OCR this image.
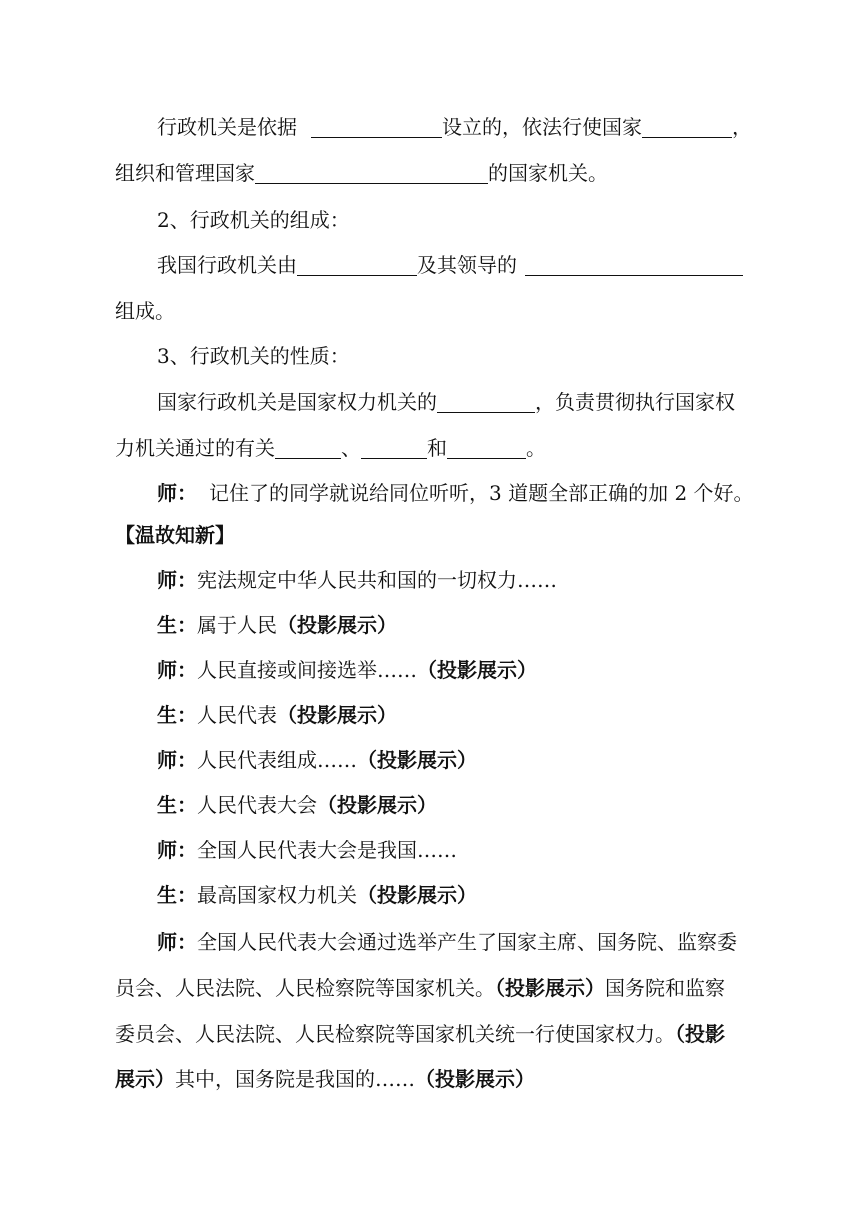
行政机关是依据	设立的，依法行使国家	，
组织和管理国家	的国家机关。
2、行政机关的组成：
我国行政机关由	及其领导的
组成。
3、行政机关的性质：
国家行政机关是国家权力机关的	，负责贯彻执行国家权
力机关通过的有关	、	和	。
师： 记住了的同学就说给同位听听，3 道题全部正确的加 2 个好。
【温故知新】
师：宪法规定中华人民共和国的一切权力……
生：属于人民（投影展示）
师：人民直接或间接选举……（投影展示）
生：人民代表（投影展示）
师：人民代表组成……（投影展示）
生：人民代表大会（投影展示）
师：全国人民代表大会是我国……
生：最高国家权力机关（投影展示）
师：全国人民代表大会通过选举产生了国家主席、国务院、监察委
员会、人民法院、人民检察院等国家机关。（投影展示）国务院和监察
委员会、人民法院、人民检察院等国家机关统一行使国家权力。（投影
展示）其中，国务院是我国的……（投影展示）
